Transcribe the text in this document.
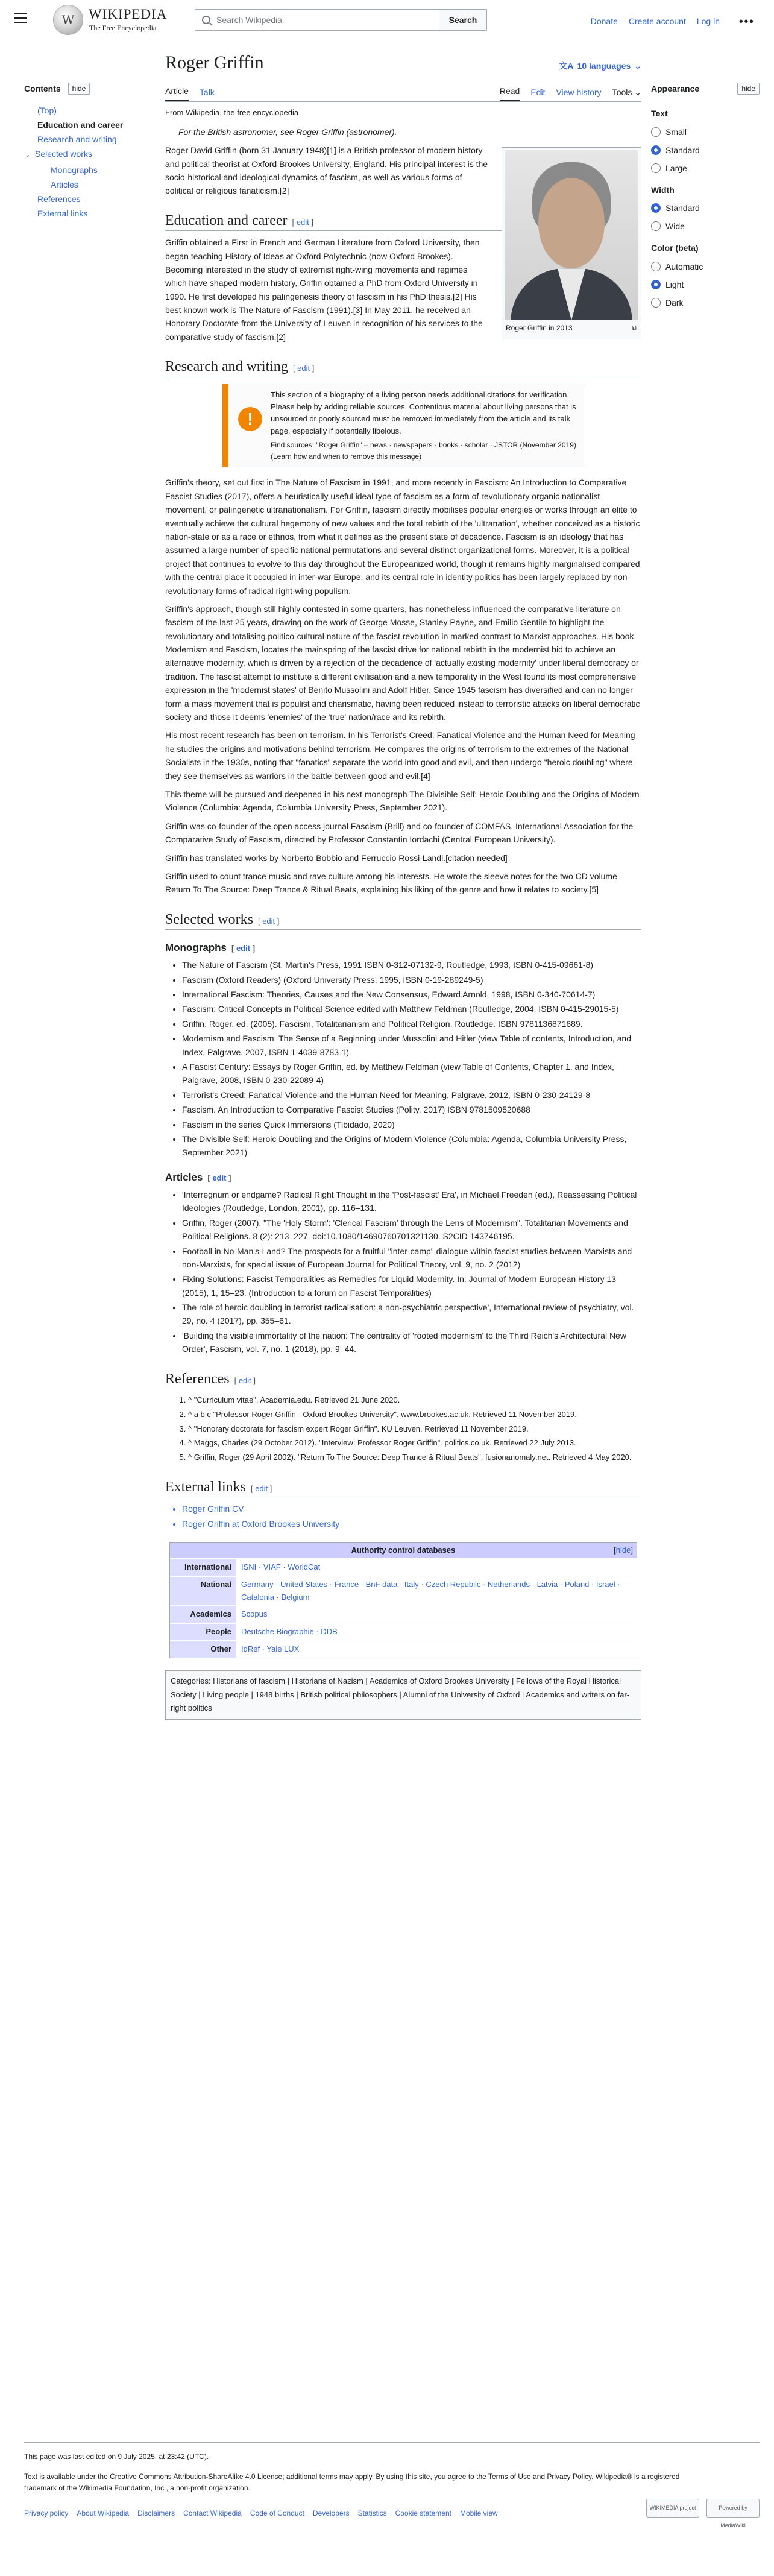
W	WIKIPEDIA
The Free Encyclopedia
Search Wikipedia	Search	Donate Create account Log in • • •
Contents	hide
(Top)
Education and career
Research and writing
⌄ Selected works
Monographs
Articles
References
External links
Roger Griffin	文A 10 languages ⌄
Article Talk	Read Edit View history Tools ⌄
From Wikipedia, the free encyclopedia
For the British astronomer, see Roger Griffin (astronomer).
Roger Griffin in 2013	⧉

Roger David Griffin (born 31 January 1948)[1] is a British professor of modern history and political theorist at Oxford Brookes University, England. His principal interest is the socio-historical and ideological dynamics of fascism, as well as various forms of political or religious fanaticism.[2]

Education and career [ edit ]

Griffin obtained a First in French and German Literature from Oxford University, then began teaching History of Ideas at Oxford Polytechnic (now Oxford Brookes). Becoming interested in the study of extremist right-wing movements and regimes which have shaped modern history, Griffin obtained a PhD from Oxford University in 1990. He first developed his palingenesis theory of fascism in his PhD thesis.[2] His best known work is The Nature of Fascism (1991).[3] In May 2011, he received an Honorary Doctorate from the University of Leuven in recognition of his services to the comparative study of fascism.[2]

Research and writing [ edit ]
!
This section of a biography of a living person needs additional citations for verification. Please help by adding reliable sources. Contentious material about living persons that is unsourced or poorly sourced must be removed immediately from the article and its talk page, especially if potentially libelous.
Find sources: "Roger Griffin" – news · newspapers · books · scholar · JSTOR (November 2019) (Learn how and when to remove this message)

Griffin's theory, set out first in The Nature of Fascism in 1991, and more recently in Fascism: An Introduction to Comparative Fascist Studies (2017), offers a heuristically useful ideal type of fascism as a form of revolutionary organic nationalist movement, or palingenetic ultranationalism. For Griffin, fascism directly mobilises popular energies or works through an elite to eventually achieve the cultural hegemony of new values and the total rebirth of the 'ultranation', whether conceived as a historic nation-state or as a race or ethnos, from what it defines as the present state of decadence. Fascism is an ideology that has assumed a large number of specific national permutations and several distinct organizational forms. Moreover, it is a political project that continues to evolve to this day throughout the Europeanized world, though it remains highly marginalised compared with the central place it occupied in inter-war Europe, and its central role in identity politics has been largely replaced by non-revolutionary forms of radical right-wing populism.

Griffin's approach, though still highly contested in some quarters, has nonetheless influenced the comparative literature on fascism of the last 25 years, drawing on the work of George Mosse, Stanley Payne, and Emilio Gentile to highlight the revolutionary and totalising politico-cultural nature of the fascist revolution in marked contrast to Marxist approaches. His book, Modernism and Fascism, locates the mainspring of the fascist drive for national rebirth in the modernist bid to achieve an alternative modernity, which is driven by a rejection of the decadence of 'actually existing modernity' under liberal democracy or tradition. The fascist attempt to institute a different civilisation and a new temporality in the West found its most comprehensive expression in the 'modernist states' of Benito Mussolini and Adolf Hitler. Since 1945 fascism has diversified and can no longer form a mass movement that is populist and charismatic, having been reduced instead to terroristic attacks on liberal democratic society and those it deems 'enemies' of the 'true' nation/race and its rebirth.

His most recent research has been on terrorism. In his Terrorist's Creed: Fanatical Violence and the Human Need for Meaning he studies the origins and motivations behind terrorism. He compares the origins of terrorism to the extremes of the National Socialists in the 1930s, noting that "fanatics" separate the world into good and evil, and then undergo "heroic doubling" where they see themselves as warriors in the battle between good and evil.[4]

This theme will be pursued and deepened in his next monograph The Divisible Self: Heroic Doubling and the Origins of Modern Violence (Columbia: Agenda, Columbia University Press, September 2021).

Griffin was co-founder of the open access journal Fascism (Brill) and co-founder of COMFAS, International Association for the Comparative Study of Fascism, directed by Professor Constantin Iordachi (Central European University).

Griffin has translated works by Norberto Bobbio and Ferruccio Rossi-Landi.[citation needed]

Griffin used to count trance music and rave culture among his interests. He wrote the sleeve notes for the two CD volume Return To The Source: Deep Trance & Ritual Beats, explaining his liking of the genre and how it relates to society.[5]

Selected works [ edit ]
Monographs [ edit ]
• The Nature of Fascism (St. Martin's Press, 1991 ISBN 0-312-07132-9, Routledge, 1993, ISBN 0-415-09661-8)
• Fascism (Oxford Readers) (Oxford University Press, 1995, ISBN 0-19-289249-5)
• International Fascism: Theories, Causes and the New Consensus, Edward Arnold, 1998, ISBN 0-340-70614-7)
• Fascism: Critical Concepts in Political Science edited with Matthew Feldman (Routledge, 2004, ISBN 0-415-29015-5)
• Griffin, Roger, ed. (2005). Fascism, Totalitarianism and Political Religion. Routledge. ISBN 9781136871689.
• Modernism and Fascism: The Sense of a Beginning under Mussolini and Hitler (view Table of contents, Introduction, and Index, Palgrave, 2007, ISBN 1-4039-8783-1)
• A Fascist Century: Essays by Roger Griffin, ed. by Matthew Feldman (view Table of Contents, Chapter 1, and Index, Palgrave, 2008, ISBN 0-230-22089-4)
• Terrorist's Creed: Fanatical Violence and the Human Need for Meaning, Palgrave, 2012, ISBN 0-230-24129-8
• Fascism. An Introduction to Comparative Fascist Studies (Polity, 2017) ISBN 9781509520688
• Fascism in the series Quick Immersions (Tibidado, 2020)
• The Divisible Self: Heroic Doubling and the Origins of Modern Violence (Columbia: Agenda, Columbia University Press, September 2021)
Articles [ edit ]
• 'Interregnum or endgame? Radical Right Thought in the 'Post-fascist' Era', in Michael Freeden (ed.), Reassessing Political Ideologies (Routledge, London, 2001), pp. 116–131.
• Griffin, Roger (2007). "The 'Holy Storm': 'Clerical Fascism' through the Lens of Modernism". Totalitarian Movements and Political Religions. 8 (2): 213–227. doi:10.1080/14690760701321130. S2CID 143746195.
• Football in No-Man's-Land? The prospects for a fruitful "inter-camp" dialogue within fascist studies between Marxists and non-Marxists, for special issue of European Journal for Political Theory, vol. 9, no. 2 (2012)
• Fixing Solutions: Fascist Temporalities as Remedies for Liquid Modernity. In: Journal of Modern European History 13 (2015), 1, 15–23. (Introduction to a forum on Fascist Temporalities)
• The role of heroic doubling in terrorist radicalisation: a non-psychiatric perspective', International review of psychiatry, vol. 29, no. 4 (2017), pp. 355–61.
• 'Building the visible immortality of the nation: The centrality of 'rooted modernism' to the Third Reich's Architectural New Order', Fascism, vol. 7, no. 1 (2018), pp. 9–44.
References [ edit ]
1. ^ "Curriculum vitae". Academia.edu. Retrieved 21 June 2020.
2. ^ a b c "Professor Roger Griffin - Oxford Brookes University". www.brookes.ac.uk. Retrieved 11 November 2019.
3. ^ "Honorary doctorate for fascism expert Roger Griffin". KU Leuven. Retrieved 11 November 2019.
4. ^ Maggs, Charles (29 October 2012). "Interview: Professor Roger Griffin". politics.co.uk. Retrieved 22 July 2013.
5. ^ Griffin, Roger (29 April 2002). "Return To The Source: Deep Trance & Ritual Beats". fusionanomaly.net. Retrieved 4 May 2020.
External links [ edit ]
• Roger Griffin CV
• Roger Griffin at Oxford Brookes University
Authority control databases	[hide]
International	ISNI · VIAF · WorldCat
National	Germany · United States · France · BnF data · Italy · Czech Republic · Netherlands · Latvia · Poland · Israel · Catalonia · Belgium
Academics	Scopus
People	Deutsche Biographie · DDB
Other	IdRef · Yale LUX
Categories: Historians of fascism | Historians of Nazism | Academics of Oxford Brookes University | Fellows of the Royal Historical Society | Living people | 1948 births | British political philosophers | Alumni of the University of Oxford | Academics and writers on far-right politics
Appearance	hide
Text
Small
Standard
Large
Width
Standard
Wide
Color (beta)
Automatic
Light
Dark
This page was last edited on 9 July 2025, at 23:42 (UTC).
Text is available under the Creative Commons Attribution-ShareAlike 4.0 License; additional terms may apply. By using this site, you agree to the Terms of Use and Privacy Policy. Wikipedia® is a registered trademark of the Wikimedia Foundation, Inc., a non-profit organization.
Privacy policy About Wikipedia Disclaimers Contact Wikipedia Code of Conduct Developers Statistics Cookie statement Mobile view
WIKIMEDIA project	Powered by MediaWiki
